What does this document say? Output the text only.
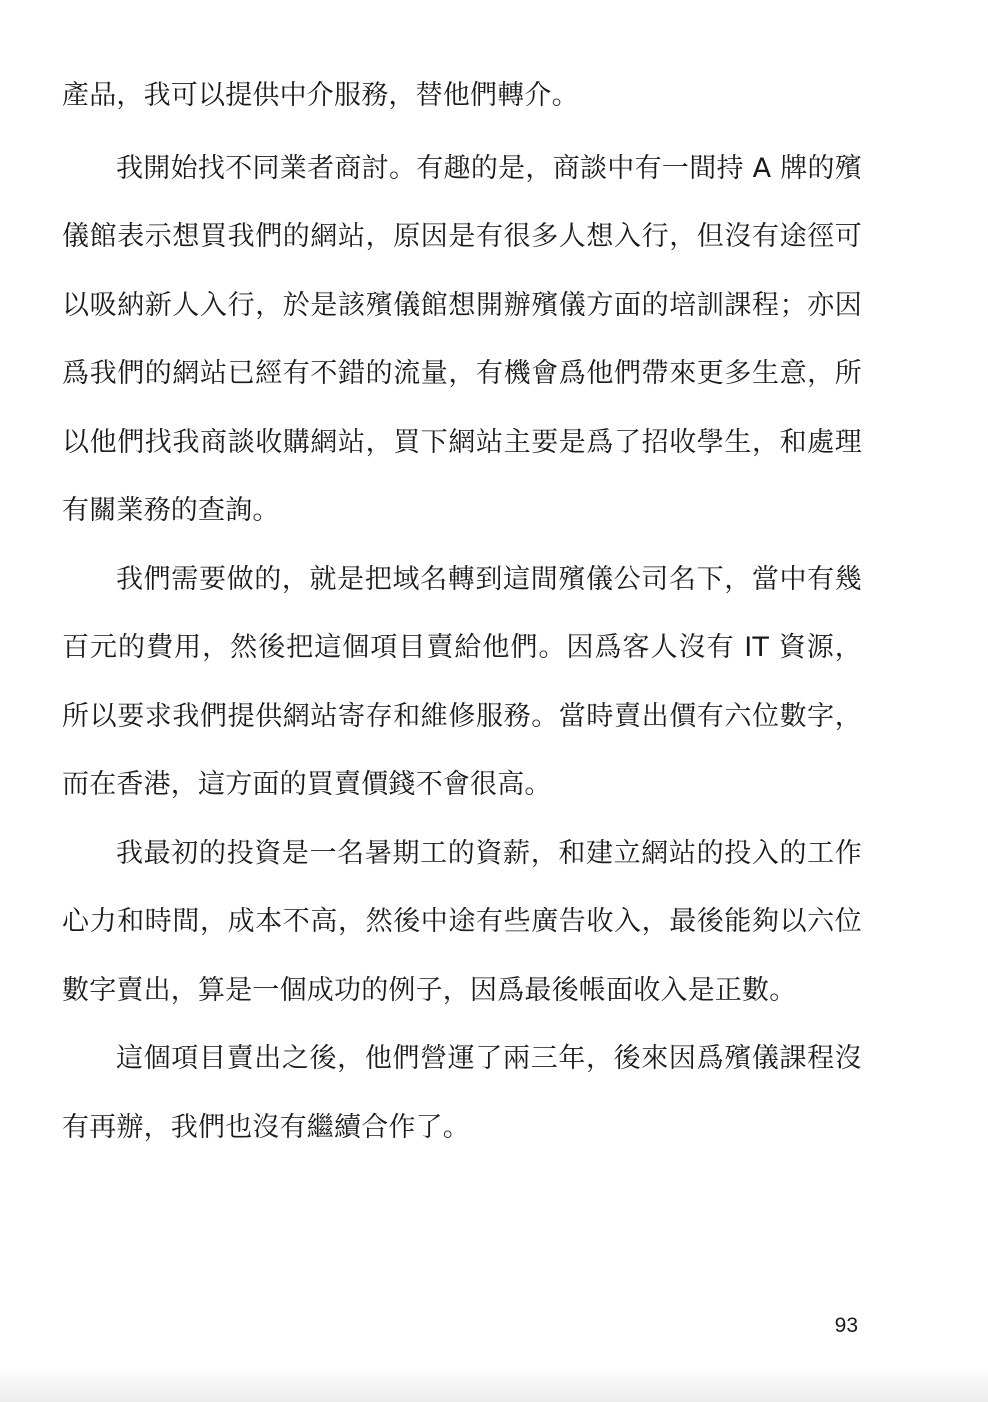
產品，我可以提供中介服務，替他們轉介。

我開始找不同業者商討。有趣的是，商談中有一間持 A 牌的殯儀館表示想買我們的網站，原因是有很多人想入行，但沒有途徑可以吸納新人入行，於是該殯儀館想開辦殯儀方面的培訓課程；亦因爲我們的網站已經有不錯的流量，有機會爲他們帶來更多生意，所以他們找我商談收購網站，買下網站主要是爲了招收學生，和處理有關業務的查詢。

我們需要做的，就是把域名轉到這間殯儀公司名下，當中有幾百元的費用，然後把這個項目賣給他們。因爲客人沒有 IT 資源，所以要求我們提供網站寄存和維修服務。當時賣出價有六位數字，而在香港，這方面的買賣價錢不會很高。

我最初的投資是一名暑期工的資薪，和建立網站的投入的工作心力和時間，成本不高，然後中途有些廣告收入，最後能夠以六位數字賣出，算是一個成功的例子，因爲最後帳面收入是正數。

這個項目賣出之後，他們營運了兩三年，後來因爲殯儀課程沒有再辦，我們也沒有繼續合作了。

93
